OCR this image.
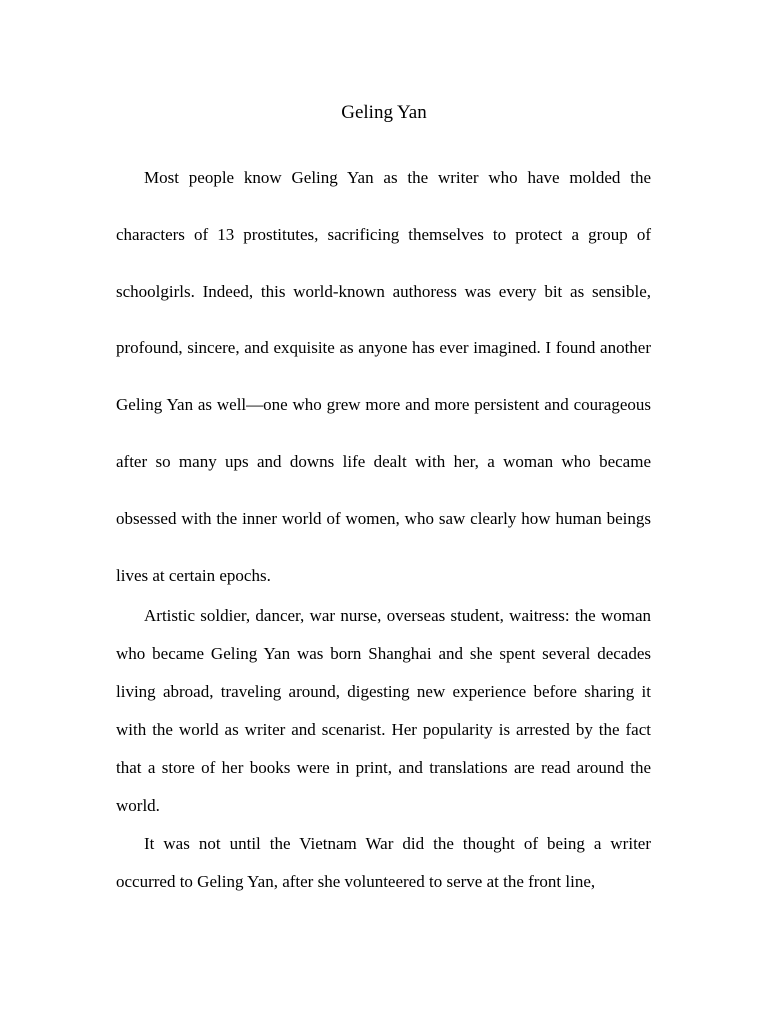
Geling Yan

Most people know Geling Yan as the writer who have molded the characters of 13 prostitutes, sacrificing themselves to protect a group of schoolgirls. Indeed, this world-known authoress was every bit as sensible, profound, sincere, and exquisite as anyone has ever imagined. I found another Geling Yan as well—one who grew more and more persistent and courageous after so many ups and downs life dealt with her, a woman who became obsessed with the inner world of women, who saw clearly how human beings lives at certain epochs.

Artistic soldier, dancer, war nurse, overseas student, waitress: the woman who became Geling Yan was born Shanghai and she spent several decades living abroad, traveling around, digesting new experience before sharing it with the world as writer and scenarist. Her popularity is arrested by the fact that a store of her books were in print, and translations are read around the world.

It was not until the Vietnam War did the thought of being a writer occurred to Geling Yan, after she volunteered to serve at the front line,
